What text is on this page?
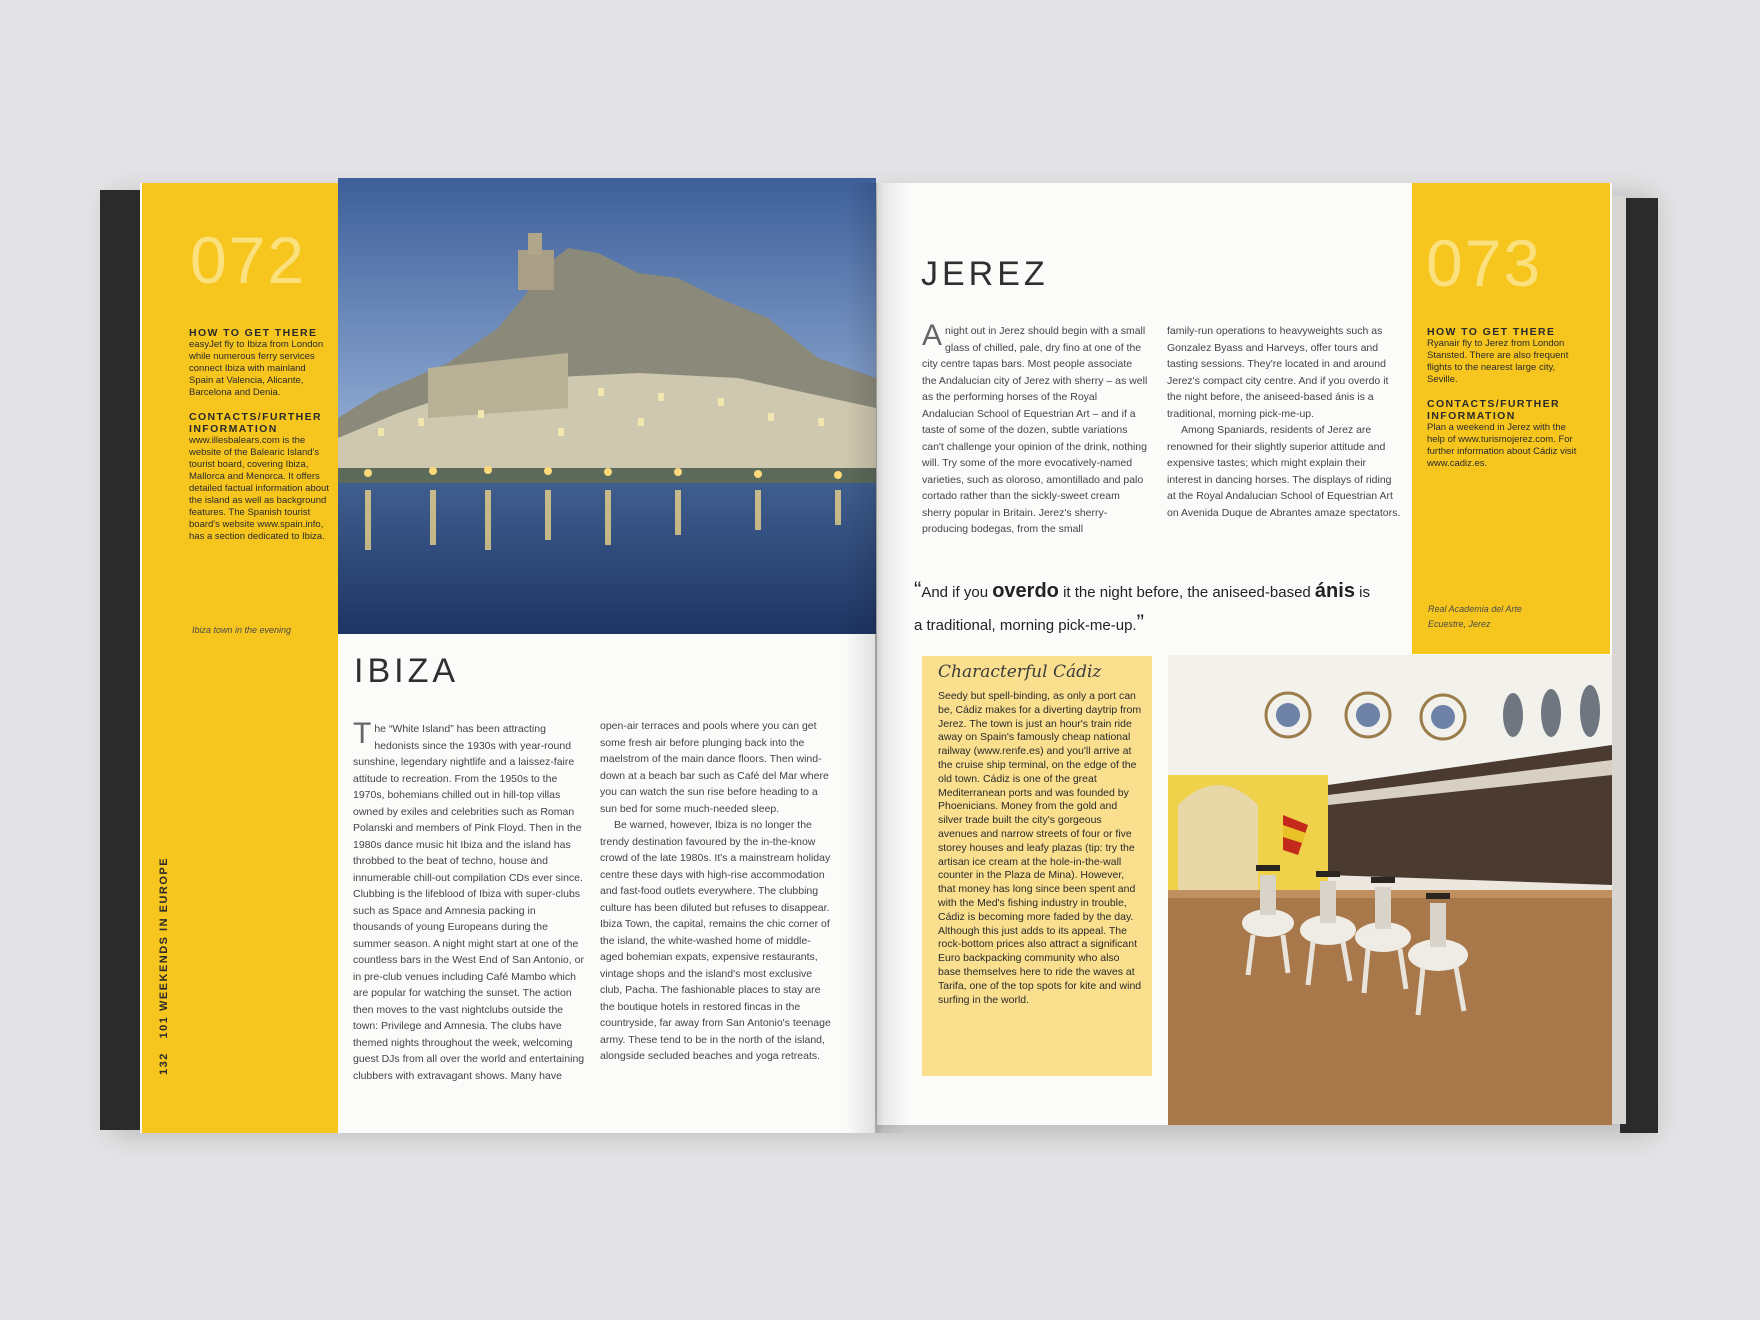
072
HOW TO GET THERE

easyJet fly to Ibiza from London while numerous ferry services connect Ibiza with mainland Spain at Valencia, Alicante, Barcelona and Denia.

CONTACTS/FURTHER INFORMATION

www.illesbalears.com is the website of the Balearic Island's tourist board, covering Ibiza, Mallorca and Menorca. It offers detailed factual information about the island as well as background features. The Spanish tourist board's website www.spain.info, has a section dedicated to Ibiza.

Ibiza town in the evening
132   101 WEEKENDS IN EUROPE
IBIZA
The “White Island” has been attracting hedonists since the 1930s with year-round sunshine, legendary nightlife and a laissez-faire attitude to recreation. From the 1950s to the 1970s, bohemians chilled out in hill-top villas owned by exiles and celebrities such as Roman Polanski and members of Pink Floyd. Then in the 1980s dance music hit Ibiza and the island has throbbed to the beat of techno, house and innumerable chill-out compilation CDs ever since. Clubbing is the lifeblood of Ibiza with super-clubs such as Space and Amnesia packing in thousands of young Europeans during the summer season. A night might start at one of the countless bars in the West End of San Antonio, or in pre-club venues including Café Mambo which are popular for watching the sunset. The action then moves to the vast nightclubs outside the town: Privilege and Amnesia. The clubs have themed nights throughout the week, welcoming guest DJs from all over the world and entertaining clubbers with extravagant shows. Many have

open-air terraces and pools where you can get some fresh air before plunging back into the maelstrom of the main dance floors. Then wind-down at a beach bar such as Café del Mar where you can watch the sun rise before heading to a sun bed for some much-needed sleep.

Be warned, however, Ibiza is no longer the trendy destination favoured by the in-the-know crowd of the late 1980s. It's a mainstream holiday centre these days with high-rise accommodation and fast-food outlets everywhere. The clubbing culture has been diluted but refuses to disappear. Ibiza Town, the capital, remains the chic corner of the island, the white-washed home of middle-aged bohemian expats, expensive restaurants, vintage shops and the island's most exclusive club, Pacha. The fashionable places to stay are the boutique hotels in restored fincas in the countryside, far away from San Antonio's teenage army. These tend to be in the north of the island, alongside secluded beaches and yoga retreats.

073
HOW TO GET THERE

Ryanair fly to Jerez from London Stansted. There are also frequent flights to the nearest large city, Seville.

CONTACTS/FURTHER INFORMATION

Plan a weekend in Jerez with the help of www.turismojerez.com. For further information about Cádiz visit www.cadiz.es.

Real Academia del Arte
Ecuestre, Jerez
JEREZ
A night out in Jerez should begin with a small glass of chilled, pale, dry fino at one of the city centre tapas bars. Most people associate the Andalucian city of Jerez with sherry – as well as the performing horses of the Royal Andalucian School of Equestrian Art – and if a taste of some of the dozen, subtle variations can't challenge your opinion of the drink, nothing will. Try some of the more evocatively-named varieties, such as oloroso, amontillado and palo cortado rather than the sickly-sweet cream sherry popular in Britain. Jerez's sherry-producing bodegas, from the small

family-run operations to heavyweights such as Gonzalez Byass and Harveys, offer tours and tasting sessions. They're located in and around Jerez's compact city centre. And if you overdo it the night before, the aniseed-based ánis is a traditional, morning pick-me-up.

Among Spaniards, residents of Jerez are renowned for their slightly superior attitude and expensive tastes; which might explain their interest in dancing horses. The displays of riding at the Royal Andalucian School of Equestrian Art on Avenida Duque de Abrantes amaze spectators.

“And if you overdo it the night before, the aniseed-based ánis is
a traditional, morning pick-me-up.”
Characterful Cádiz
Seedy but spell-binding, as only a port can be, Cádiz makes for a diverting daytrip from Jerez. The town is just an hour's train ride away on Spain's famously cheap national railway (www.renfe.es) and you'll arrive at the cruise ship terminal, on the edge of the old town. Cádiz is one of the great Mediterranean ports and was founded by Phoenicians. Money from the gold and silver trade built the city's gorgeous avenues and narrow streets of four or five storey houses and leafy plazas (tip: try the artisan ice cream at the hole-in-the-wall counter in the Plaza de Mina). However, that money has long since been spent and with the Med's fishing industry in trouble, Cádiz is becoming more faded by the day. Although this just adds to its appeal. The rock-bottom prices also attract a significant Euro backpacking community who also base themselves here to ride the waves at Tarifa, one of the top spots for kite and wind surfing in the world.
